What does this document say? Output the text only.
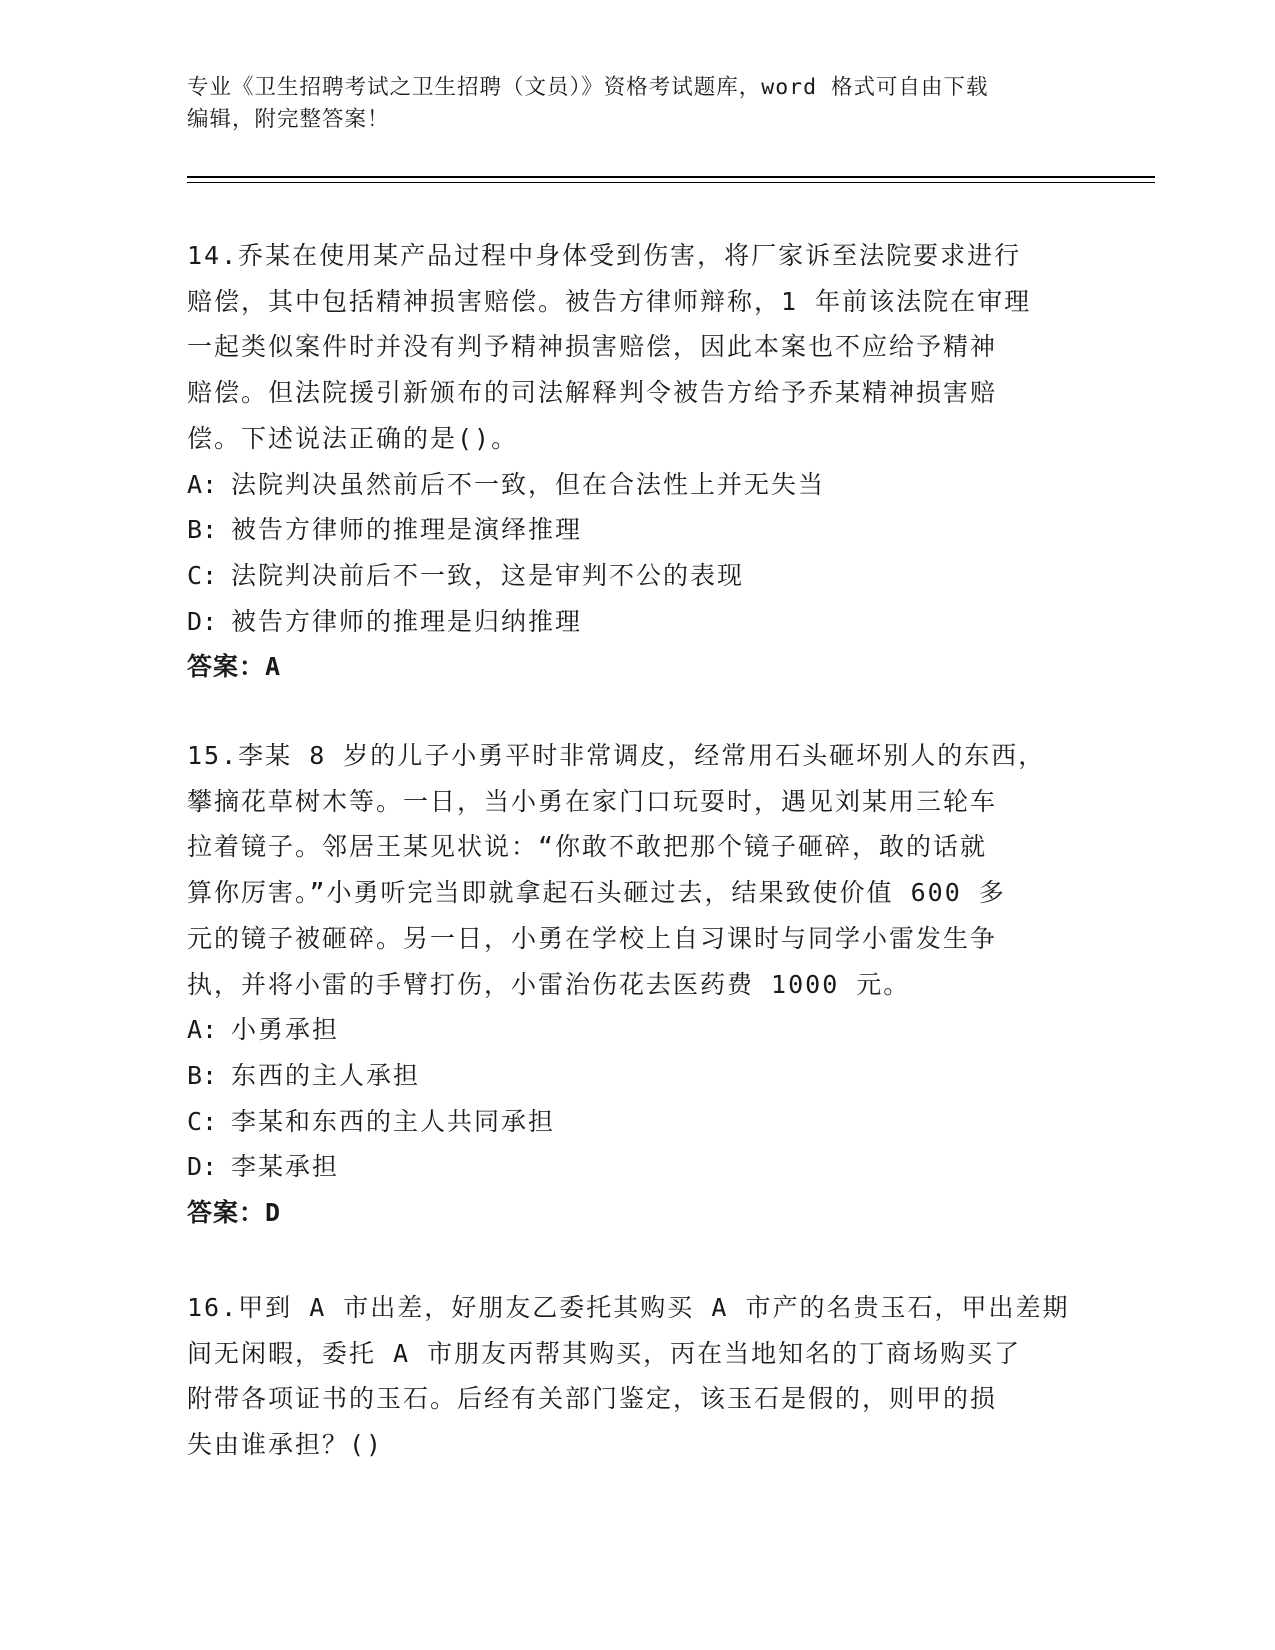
专业《卫生招聘考试之卫生招聘（文员）》资格考试题库，word 格式可自由下载
编辑，附完整答案！
14.乔某在使用某产品过程中身体受到伤害，将厂家诉至法院要求进行
赔偿，其中包括精神损害赔偿。被告方律师辩称，1 年前该法院在审理
一起类似案件时并没有判予精神损害赔偿，因此本案也不应给予精神
赔偿。但法院援引新颁布的司法解释判令被告方给予乔某精神损害赔
偿。下述说法正确的是()。
A: 法院判决虽然前后不一致，但在合法性上并无失当
B: 被告方律师的推理是演绎推理
C: 法院判决前后不一致，这是审判不公的表现
D: 被告方律师的推理是归纳推理
答案：A
15.李某 8 岁的儿子小勇平时非常调皮，经常用石头砸坏别人的东西，
攀摘花草树木等。一日，当小勇在家门口玩耍时，遇见刘某用三轮车
拉着镜子。邻居王某见状说：“你敢不敢把那个镜子砸碎，敢的话就
算你厉害。”小勇听完当即就拿起石头砸过去，结果致使价值 600 多
元的镜子被砸碎。另一日，小勇在学校上自习课时与同学小雷发生争
执，并将小雷的手臂打伤，小雷治伤花去医药费 1000 元。
A: 小勇承担
B: 东西的主人承担
C: 李某和东西的主人共同承担
D: 李某承担
答案：D
16.甲到 A 市出差，好朋友乙委托其购买 A 市产的名贵玉石，甲出差期
间无闲暇，委托 A 市朋友丙帮其购买，丙在当地知名的丁商场购买了
附带各项证书的玉石。后经有关部门鉴定，该玉石是假的，则甲的损
失由谁承担？()
